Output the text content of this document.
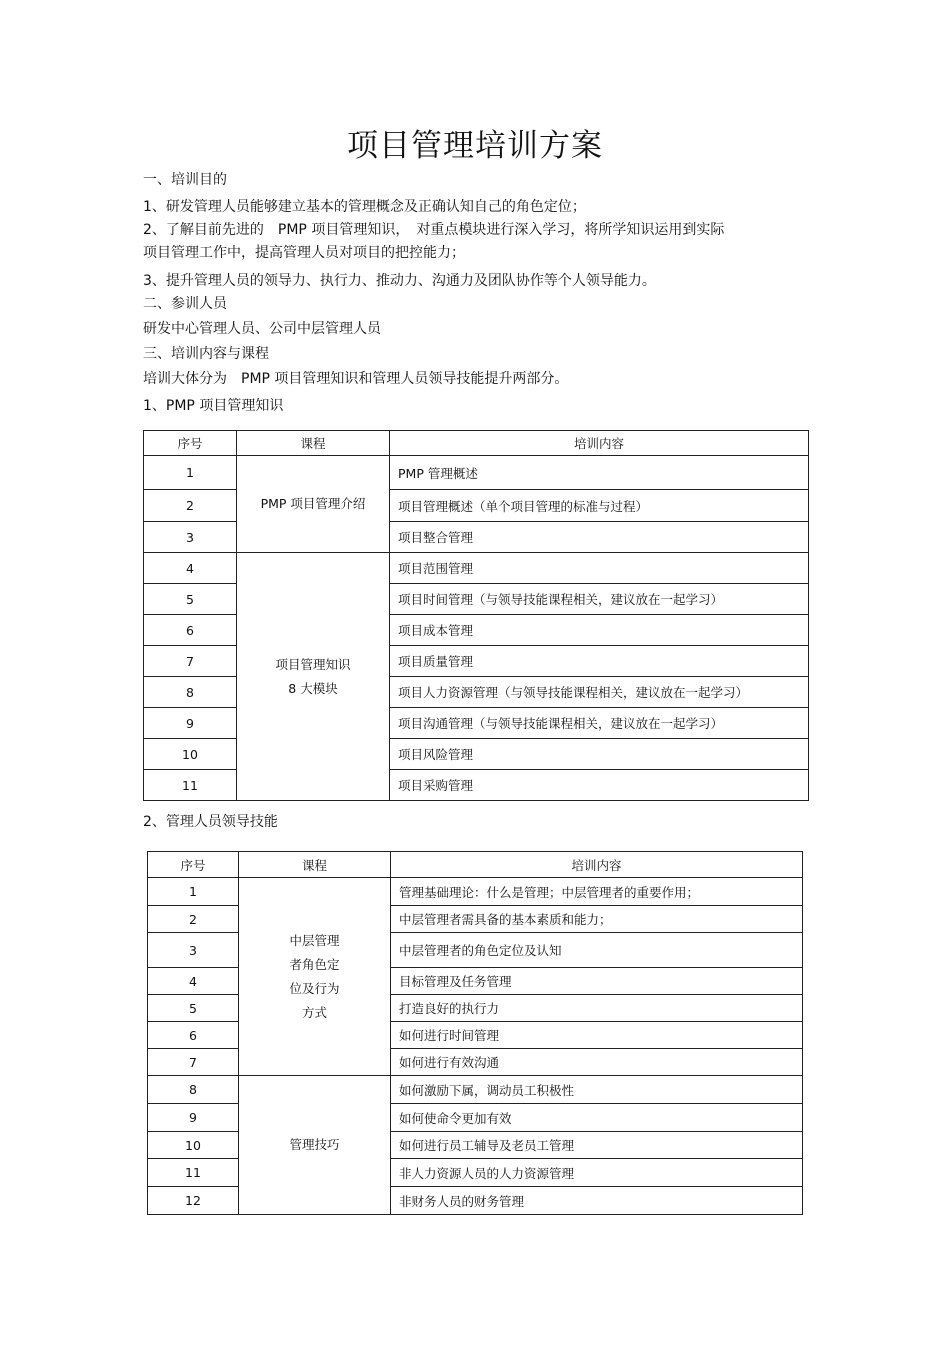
项目管理培训方案
一、培训目的
1、研发管理人员能够建立基本的管理概念及正确认知自己的角色定位；
2、了解目前先进的　PMP 项目管理知识，　对重点模块进行深入学习，将所学知识运用到实际
项目管理工作中，提高管理人员对项目的把控能力；
3、提升管理人员的领导力、执行力、推动力、沟通力及团队协作等个人领导能力。
二、参训人员
研发中心管理人员、公司中层管理人员
三、培训内容与课程
培训大体分为　PMP 项目管理知识和管理人员领导技能提升两部分。
1、PMP 项目管理知识
序号	课程	培训内容
1	PMP 项目管理介绍	PMP 管理概述
2		项目管理概述（单个项目管理的标准与过程）
3		项目整合管理
4	项目管理知识
8 大模块	项目范围管理
5		项目时间管理（与领导技能课程相关，建议放在一起学习）
6		项目成本管理
7		项目质量管理
8		项目人力资源管理（与领导技能课程相关，建议放在一起学习）
9		项目沟通管理（与领导技能课程相关，建议放在一起学习）
10		项目风险管理
11		项目采购管理
2、管理人员领导技能
序号	课程	培训内容
1	中层管理
者角色定
位及行为
方式	管理基础理论：什么是管理；中层管理者的重要作用；
2		中层管理者需具备的基本素质和能力；
3		中层管理者的角色定位及认知
4		目标管理及任务管理
5		打造良好的执行力
6		如何进行时间管理
7		如何进行有效沟通
8	管理技巧	如何激励下属，调动员工积极性
9		如何使命令更加有效
10		如何进行员工辅导及老员工管理
11		非人力资源人员的人力资源管理
12		非财务人员的财务管理
